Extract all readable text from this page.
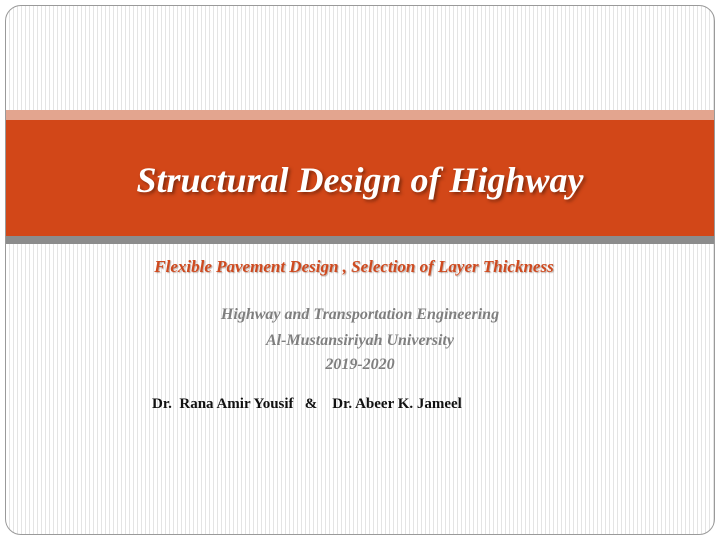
Structural Design of Highway
Flexible Pavement Design , Selection of Layer Thickness
Highway and Transportation Engineering
Al-Mustansiriyah University
2019-2020
Dr.  Rana Amir Yousif   &    Dr. Abeer K. Jameel
